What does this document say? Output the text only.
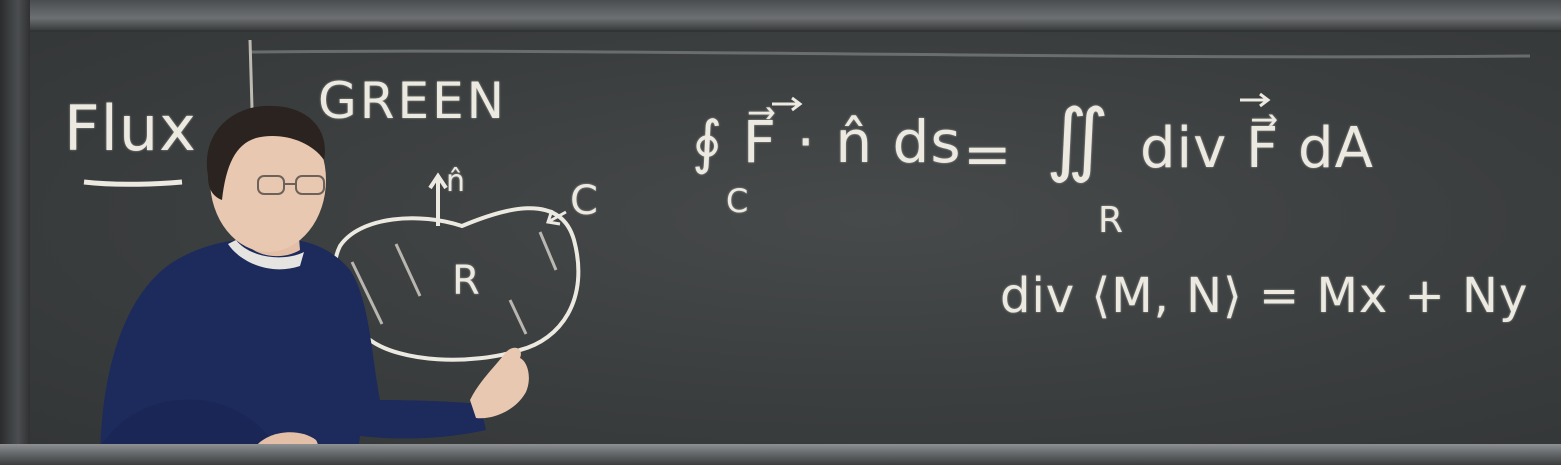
Flux GREEN
∮ F⃗ · n̂ ds
C
= ∬ div F⃗ dA
R
div ⟨M, N⟩ = Mx + Ny
R
C
n̂
